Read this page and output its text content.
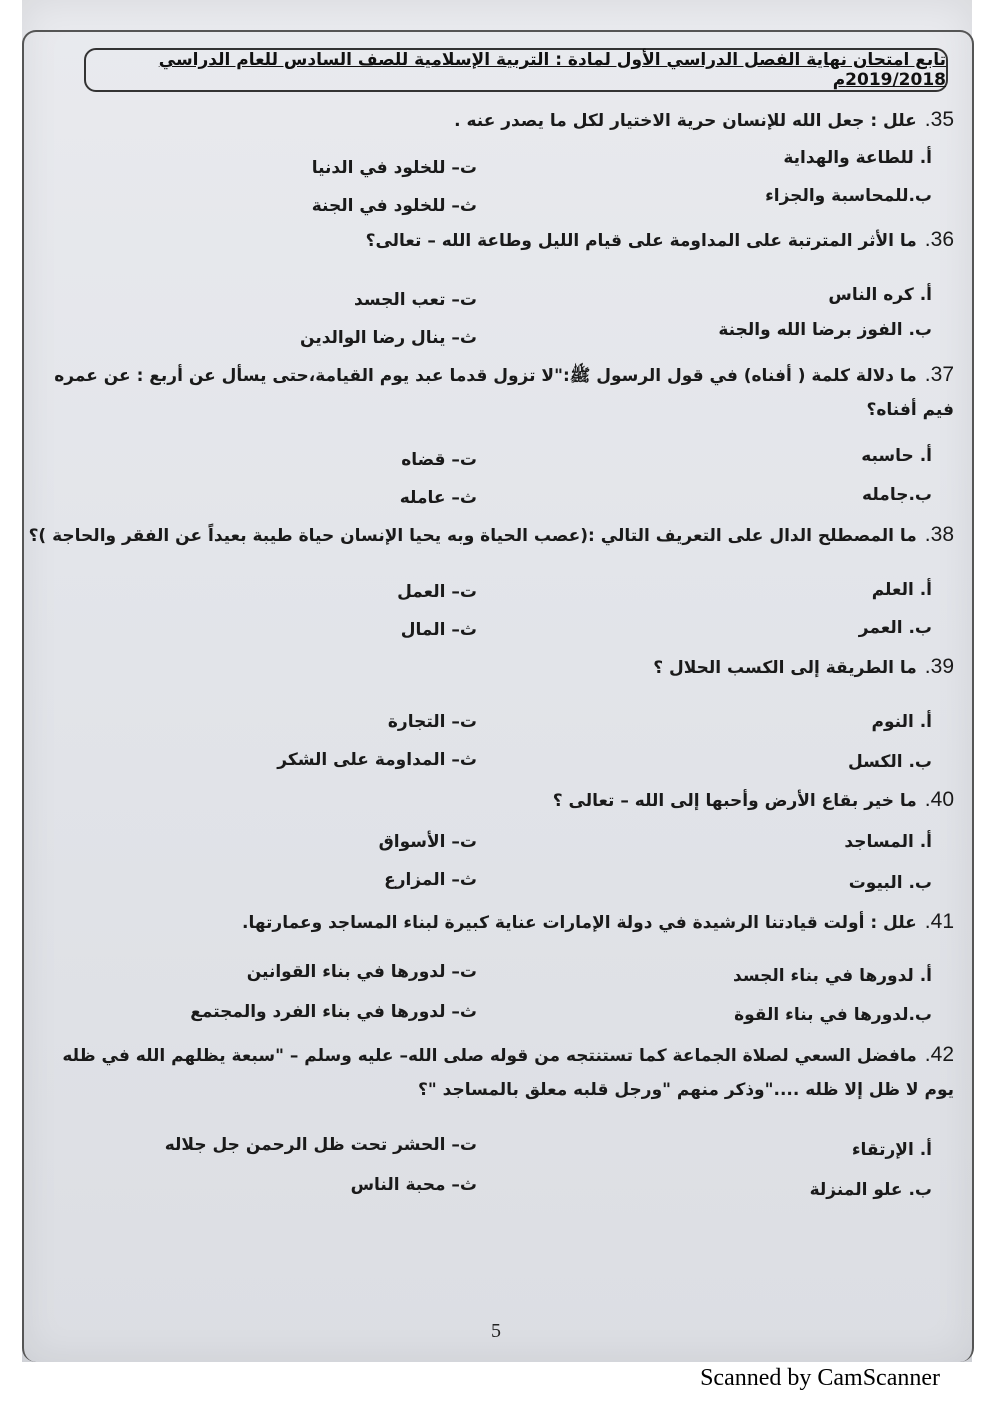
تابع امتحان نهاية الفصل الدراسي الأول لمادة : التربية الإسلامية للصف السادس للعام الدراسي 2019/2018م
35.علل : جعل الله للإنسان حرية الاختيار لكل ما يصدر عنه .
أ. للطاعة والهداية
ت– للخلود في الدنيا
ب.للمحاسبة والجزاء
ث– للخلود في الجنة
36.ما الأثر المترتبة على المداومة على قيام الليل وطاعة الله – تعالى؟
أ. كره الناس
ت– تعب الجسد
ب. الفوز برضا الله والجنة
ث– ينال رضا الوالدين
37.ما دلالة كلمة ( أفناه) في قول الرسول ﷺ:"لا تزول قدما عبد يوم القيامة،حتى يسأل عن أربع : عن عمره فيم أفناه؟
أ. حاسبه
ت– قضاه
ب.جامله
ث– عامله
38.ما المصطلح الدال على التعريف التالي :(عصب الحياة وبه يحيا الإنسان حياة طيبة بعيداً عن الفقر والحاجة )؟
أ. العلم
ت– العمل
ب. العمر
ث– المال
39.ما الطريقة إلى الكسب الحلال ؟
أ. النوم
ت– التجارة
ب. الكسل
ث– المداومة على الشكر
40.ما خير بقاع الأرض وأحبها إلى الله – تعالى ؟
أ. المساجد
ت– الأسواق
ب. البيوت
ث– المزارع
41.علل : أولت قيادتنا الرشيدة في دولة الإمارات عناية كبيرة لبناء المساجد وعمارتها.
أ. لدورها في بناء الجسد
ت– لدورها في بناء القوانين
ب.لدورها في بناء القوة
ث– لدورها في بناء الفرد والمجتمع
42.مافضل السعي لصلاة الجماعة كما تستنتجه من قوله صلى الله– عليه وسلم – "سبعة يظلهم الله في ظله يوم لا ظل إلا ظله ...."وذكر منهم "ورجل قلبه معلق بالمساجد "؟
أ. الإرتقاء
ت– الحشر تحت ظل الرحمن جل جلاله
ب. علو المنزلة
ث– محبة الناس
5
Scanned by CamScanner
